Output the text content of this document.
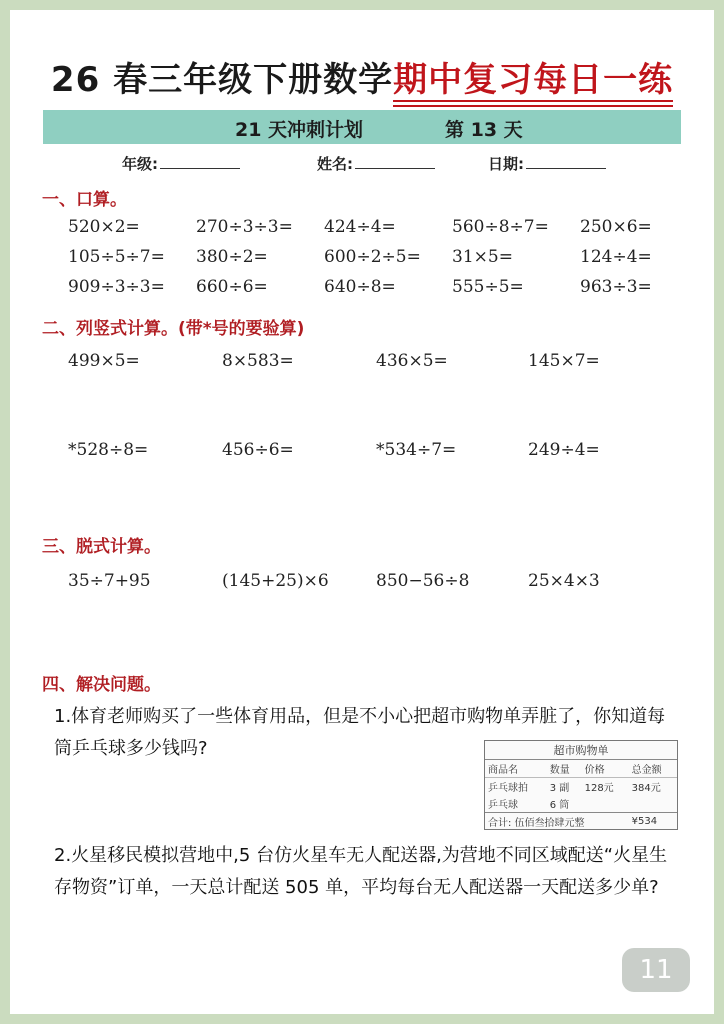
26 春三年级下册数学期中复习每日一练
21 天冲刺计划	第 13 天
年级:	姓名:	日期:
一、口算。
520×2=	270÷3÷3= 424÷4=	560÷8÷7= 250×6=
105÷5÷7= 380÷2=	600÷2÷5= 31×5=	124÷4=
909÷3÷3= 660÷6=	640÷8=	555÷5=	963÷3=
二、列竖式计算。(带*号的要验算)
499×5=	8×583=	436×5=	145×7=
*528÷8=	456÷6=	*534÷7=	249÷4=
三、脱式计算。
35÷7+95	(145+25)×6	850−56÷8	25×4×3
四、解决问题。
1.体育老师购买了一些体育用品，但是不小心把超市购物单弄脏了，你知道每筒乒乓球多少钱吗?	超市购物单			
商品名	数量	价格	总金额
乒乓球拍	3 副	128元	384元
乒乓球	6 筒		
合计: 伍佰叁拾肆元整			¥534
2.火星移民模拟营地中,5 台仿火星车无人配送器,为营地不同区域配送“火星生存物资”订单，一天总计配送 505 单，平均每台无人配送器一天配送多少单?
11
